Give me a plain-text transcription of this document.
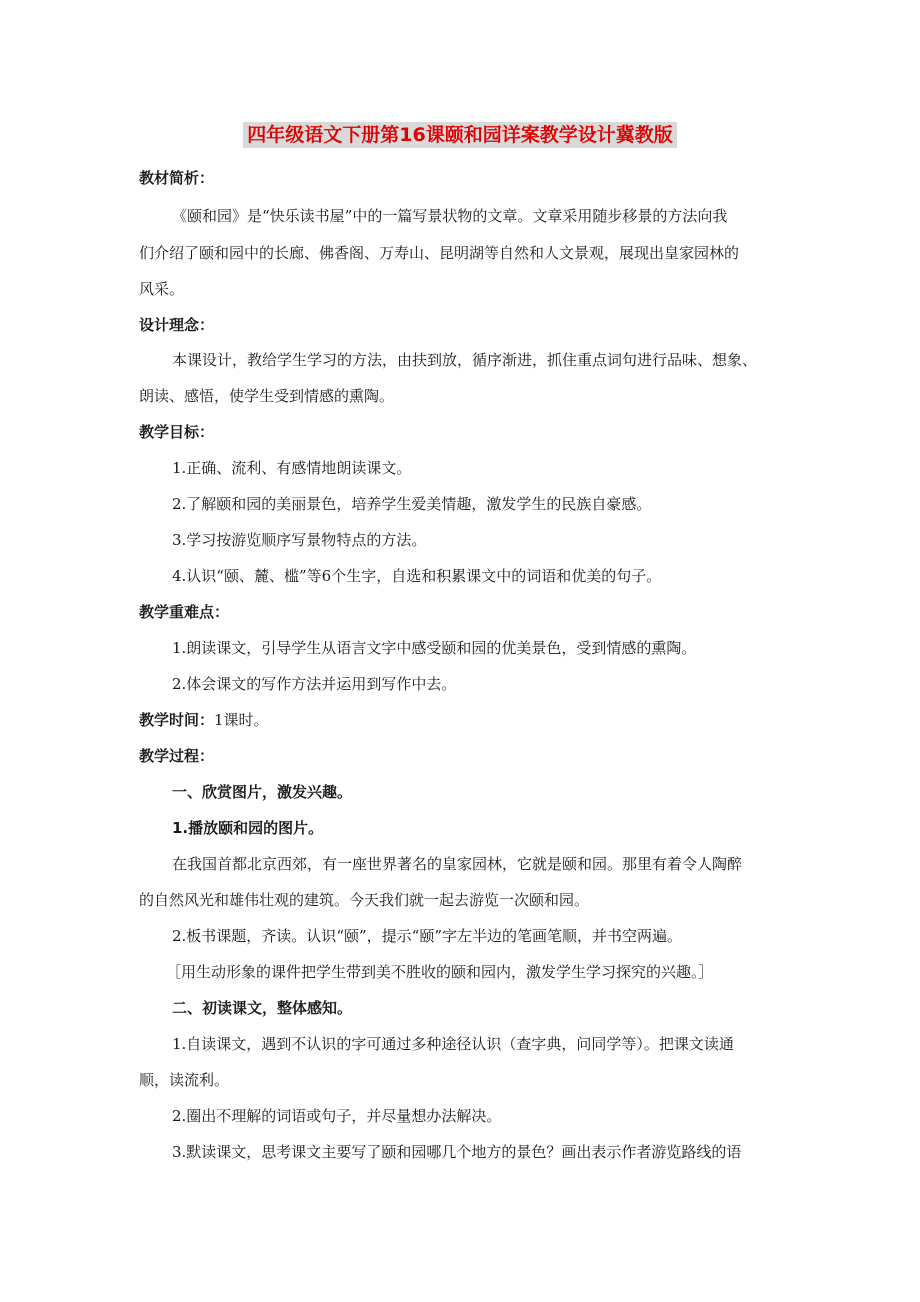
四年级语文下册第16课颐和园详案教学设计冀教版
教材简析：
《颐和园》是“快乐读书屋”中的一篇写景状物的文章。文章采用随步移景的方法向我
们介绍了颐和园中的长廊、佛香阁、万寿山、昆明湖等自然和人文景观，展现出皇家园林的
风采。
设计理念：
本课设计，教给学生学习的方法，由扶到放，循序渐进，抓住重点词句进行品味、想象、
朗读、感悟，使学生受到情感的熏陶。
教学目标：
1.正确、流利、有感情地朗读课文。
2.了解颐和园的美丽景色，培养学生爱美情趣，激发学生的民族自豪感。
3.学习按游览顺序写景物特点的方法。
4.认识“颐、麓、槛”等6个生字，自选和积累课文中的词语和优美的句子。
教学重难点：
1.朗读课文，引导学生从语言文字中感受颐和园的优美景色，受到情感的熏陶。
2.体会课文的写作方法并运用到写作中去。
教学时间：1课时。
教学过程：
一、欣赏图片，激发兴趣。
1.播放颐和园的图片。
在我国首都北京西郊，有一座世界著名的皇家园林，它就是颐和园。那里有着令人陶醉
的自然风光和雄伟壮观的建筑。今天我们就一起去游览一次颐和园。
2.板书课题，齐读。认识“颐”，提示“颐”字左半边的笔画笔顺，并书空两遍。
［用生动形象的课件把学生带到美不胜收的颐和园内，激发学生学习探究的兴趣。］
二、初读课文，整体感知。
1.自读课文，遇到不认识的字可通过多种途径认识（查字典，问同学等）。把课文读通
顺，读流利。
2.圈出不理解的词语或句子，并尽量想办法解决。
3.默读课文，思考课文主要写了颐和园哪几个地方的景色？画出表示作者游览路线的语
